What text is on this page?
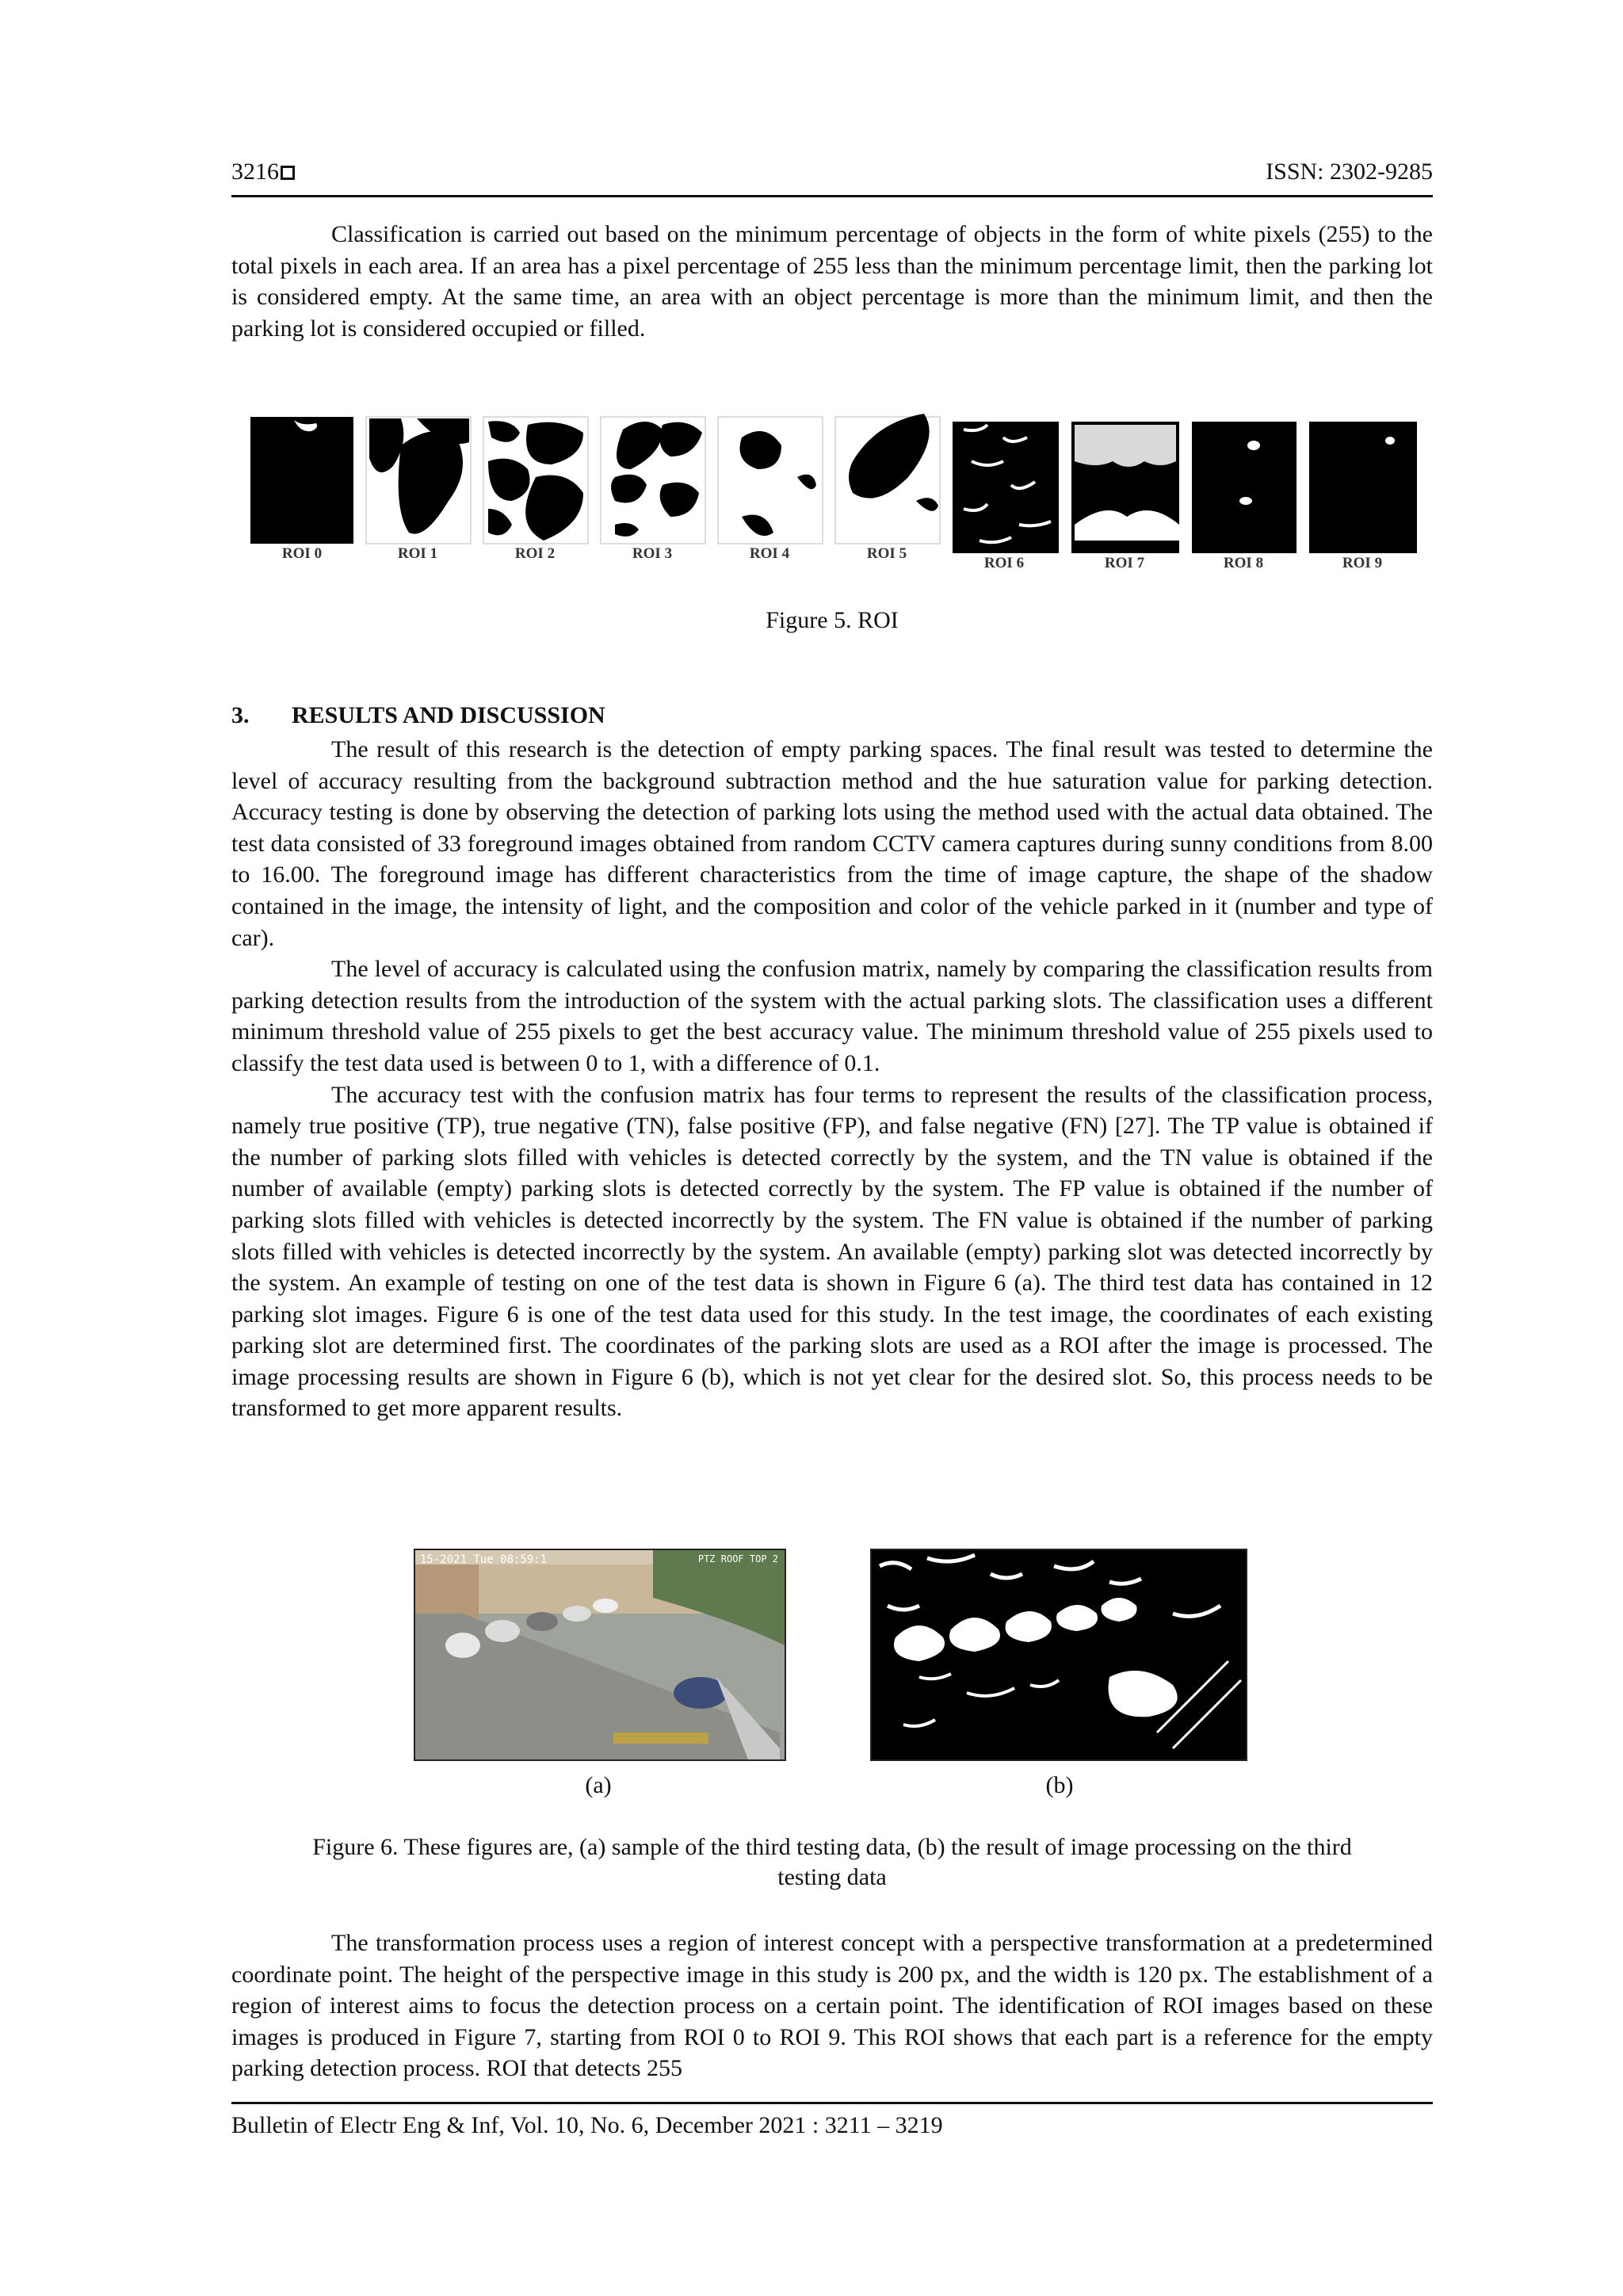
3216	ISSN: 2302-9285

Classification is carried out based on the minimum percentage of objects in the form of white pixels (255) to the total pixels in each area. If an area has a pixel percentage of 255 less than the minimum percentage limit, then the parking lot is considered empty. At the same time, an area with an object percentage is more than the minimum limit, and then the parking lot is considered occupied or filled.

ROI 0	ROI 1	ROI 2	ROI 3	ROI 4	ROI 5
ROI 6	ROI 7	ROI 8	ROI 9
Figure 5. ROI
3. RESULTS AND DISCUSSION

The result of this research is the detection of empty parking spaces. The final result was tested to determine the level of accuracy resulting from the background subtraction method and the hue saturation value for parking detection. Accuracy testing is done by observing the detection of parking lots using the method used with the actual data obtained. The test data consisted of 33 foreground images obtained from random CCTV camera captures during sunny conditions from 8.00 to 16.00. The foreground image has different characteristics from the time of image capture, the shape of the shadow contained in the image, the intensity of light, and the composition and color of the vehicle parked in it (number and type of car).

The level of accuracy is calculated using the confusion matrix, namely by comparing the classification results from parking detection results from the introduction of the system with the actual parking slots. The classification uses a different minimum threshold value of 255 pixels to get the best accuracy value. The minimum threshold value of 255 pixels used to classify the test data used is between 0 to 1, with a difference of 0.1.

The accuracy test with the confusion matrix has four terms to represent the results of the classification process, namely true positive (TP), true negative (TN), false positive (FP), and false negative (FN) [27]. The TP value is obtained if the number of parking slots filled with vehicles is detected correctly by the system, and the TN value is obtained if the number of available (empty) parking slots is detected correctly by the system. The FP value is obtained if the number of parking slots filled with vehicles is detected incorrectly by the system. The FN value is obtained if the number of parking slots filled with vehicles is detected incorrectly by the system. An available (empty) parking slot was detected incorrectly by the system. An example of testing on one of the test data is shown in Figure 6 (a). The third test data has contained in 12 parking slot images. Figure 6 is one of the test data used for this study. In the test image, the coordinates of each existing parking slot are determined first. The coordinates of the parking slots are used as a ROI after the image is processed. The image processing results are shown in Figure 6 (b), which is not yet clear for the desired slot. So, this process needs to be transformed to get more apparent results.

15-2021 Tue 08:59:1	PTZ ROOF TOP 2
(a)	(b)
Figure 6. These figures are, (a) sample of the third testing data, (b) the result of image processing on the third
testing data

The transformation process uses a region of interest concept with a perspective transformation at a predetermined coordinate point. The height of the perspective image in this study is 200 px, and the width is 120 px. The establishment of a region of interest aims to focus the detection process on a certain point. The identification of ROI images based on these images is produced in Figure 7, starting from ROI 0 to ROI 9. This ROI shows that each part is a reference for the empty parking detection process. ROI that detects 255

Bulletin of Electr Eng & Inf, Vol. 10, No. 6, December 2021 : 3211 – 3219
